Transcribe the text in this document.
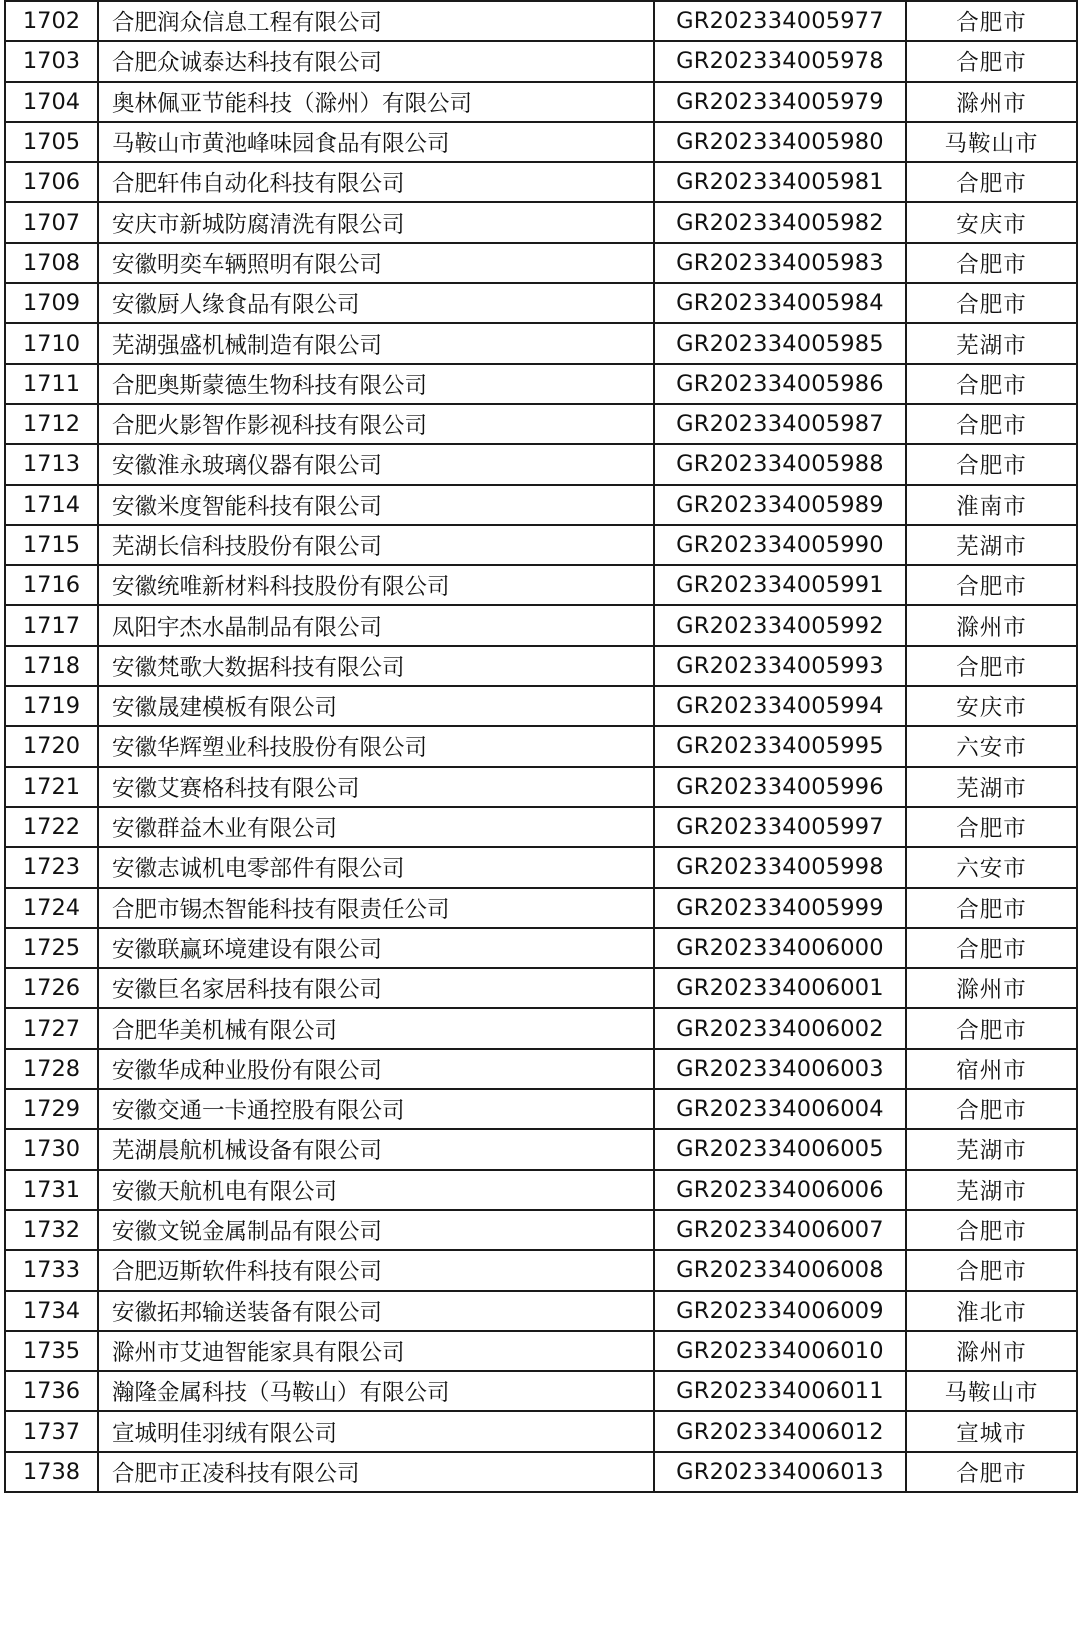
1702	合肥润众信息工程有限公司	GR202334005977	合肥市
1703	合肥众诚泰达科技有限公司	GR202334005978	合肥市
1704	奥林佩亚节能科技（滁州）有限公司	GR202334005979	滁州市
1705	马鞍山市黄池峰味园食品有限公司	GR202334005980	马鞍山市
1706	合肥轩伟自动化科技有限公司	GR202334005981	合肥市
1707	安庆市新城防腐清洗有限公司	GR202334005982	安庆市
1708	安徽明奕车辆照明有限公司	GR202334005983	合肥市
1709	安徽厨人缘食品有限公司	GR202334005984	合肥市
1710	芜湖强盛机械制造有限公司	GR202334005985	芜湖市
1711	合肥奥斯蒙德生物科技有限公司	GR202334005986	合肥市
1712	合肥火影智作影视科技有限公司	GR202334005987	合肥市
1713	安徽淮永玻璃仪器有限公司	GR202334005988	合肥市
1714	安徽米度智能科技有限公司	GR202334005989	淮南市
1715	芜湖长信科技股份有限公司	GR202334005990	芜湖市
1716	安徽统唯新材料科技股份有限公司	GR202334005991	合肥市
1717	凤阳宇杰水晶制品有限公司	GR202334005992	滁州市
1718	安徽梵歌大数据科技有限公司	GR202334005993	合肥市
1719	安徽晟建模板有限公司	GR202334005994	安庆市
1720	安徽华辉塑业科技股份有限公司	GR202334005995	六安市
1721	安徽艾赛格科技有限公司	GR202334005996	芜湖市
1722	安徽群益木业有限公司	GR202334005997	合肥市
1723	安徽志诚机电零部件有限公司	GR202334005998	六安市
1724	合肥市锡杰智能科技有限责任公司	GR202334005999	合肥市
1725	安徽联赢环境建设有限公司	GR202334006000	合肥市
1726	安徽巨名家居科技有限公司	GR202334006001	滁州市
1727	合肥华美机械有限公司	GR202334006002	合肥市
1728	安徽华成种业股份有限公司	GR202334006003	宿州市
1729	安徽交通一卡通控股有限公司	GR202334006004	合肥市
1730	芜湖晨航机械设备有限公司	GR202334006005	芜湖市
1731	安徽天航机电有限公司	GR202334006006	芜湖市
1732	安徽文锐金属制品有限公司	GR202334006007	合肥市
1733	合肥迈斯软件科技有限公司	GR202334006008	合肥市
1734	安徽拓邦输送装备有限公司	GR202334006009	淮北市
1735	滁州市艾迪智能家具有限公司	GR202334006010	滁州市
1736	瀚隆金属科技（马鞍山）有限公司	GR202334006011	马鞍山市
1737	宣城明佳羽绒有限公司	GR202334006012	宣城市
1738	合肥市正凌科技有限公司	GR202334006013	合肥市
